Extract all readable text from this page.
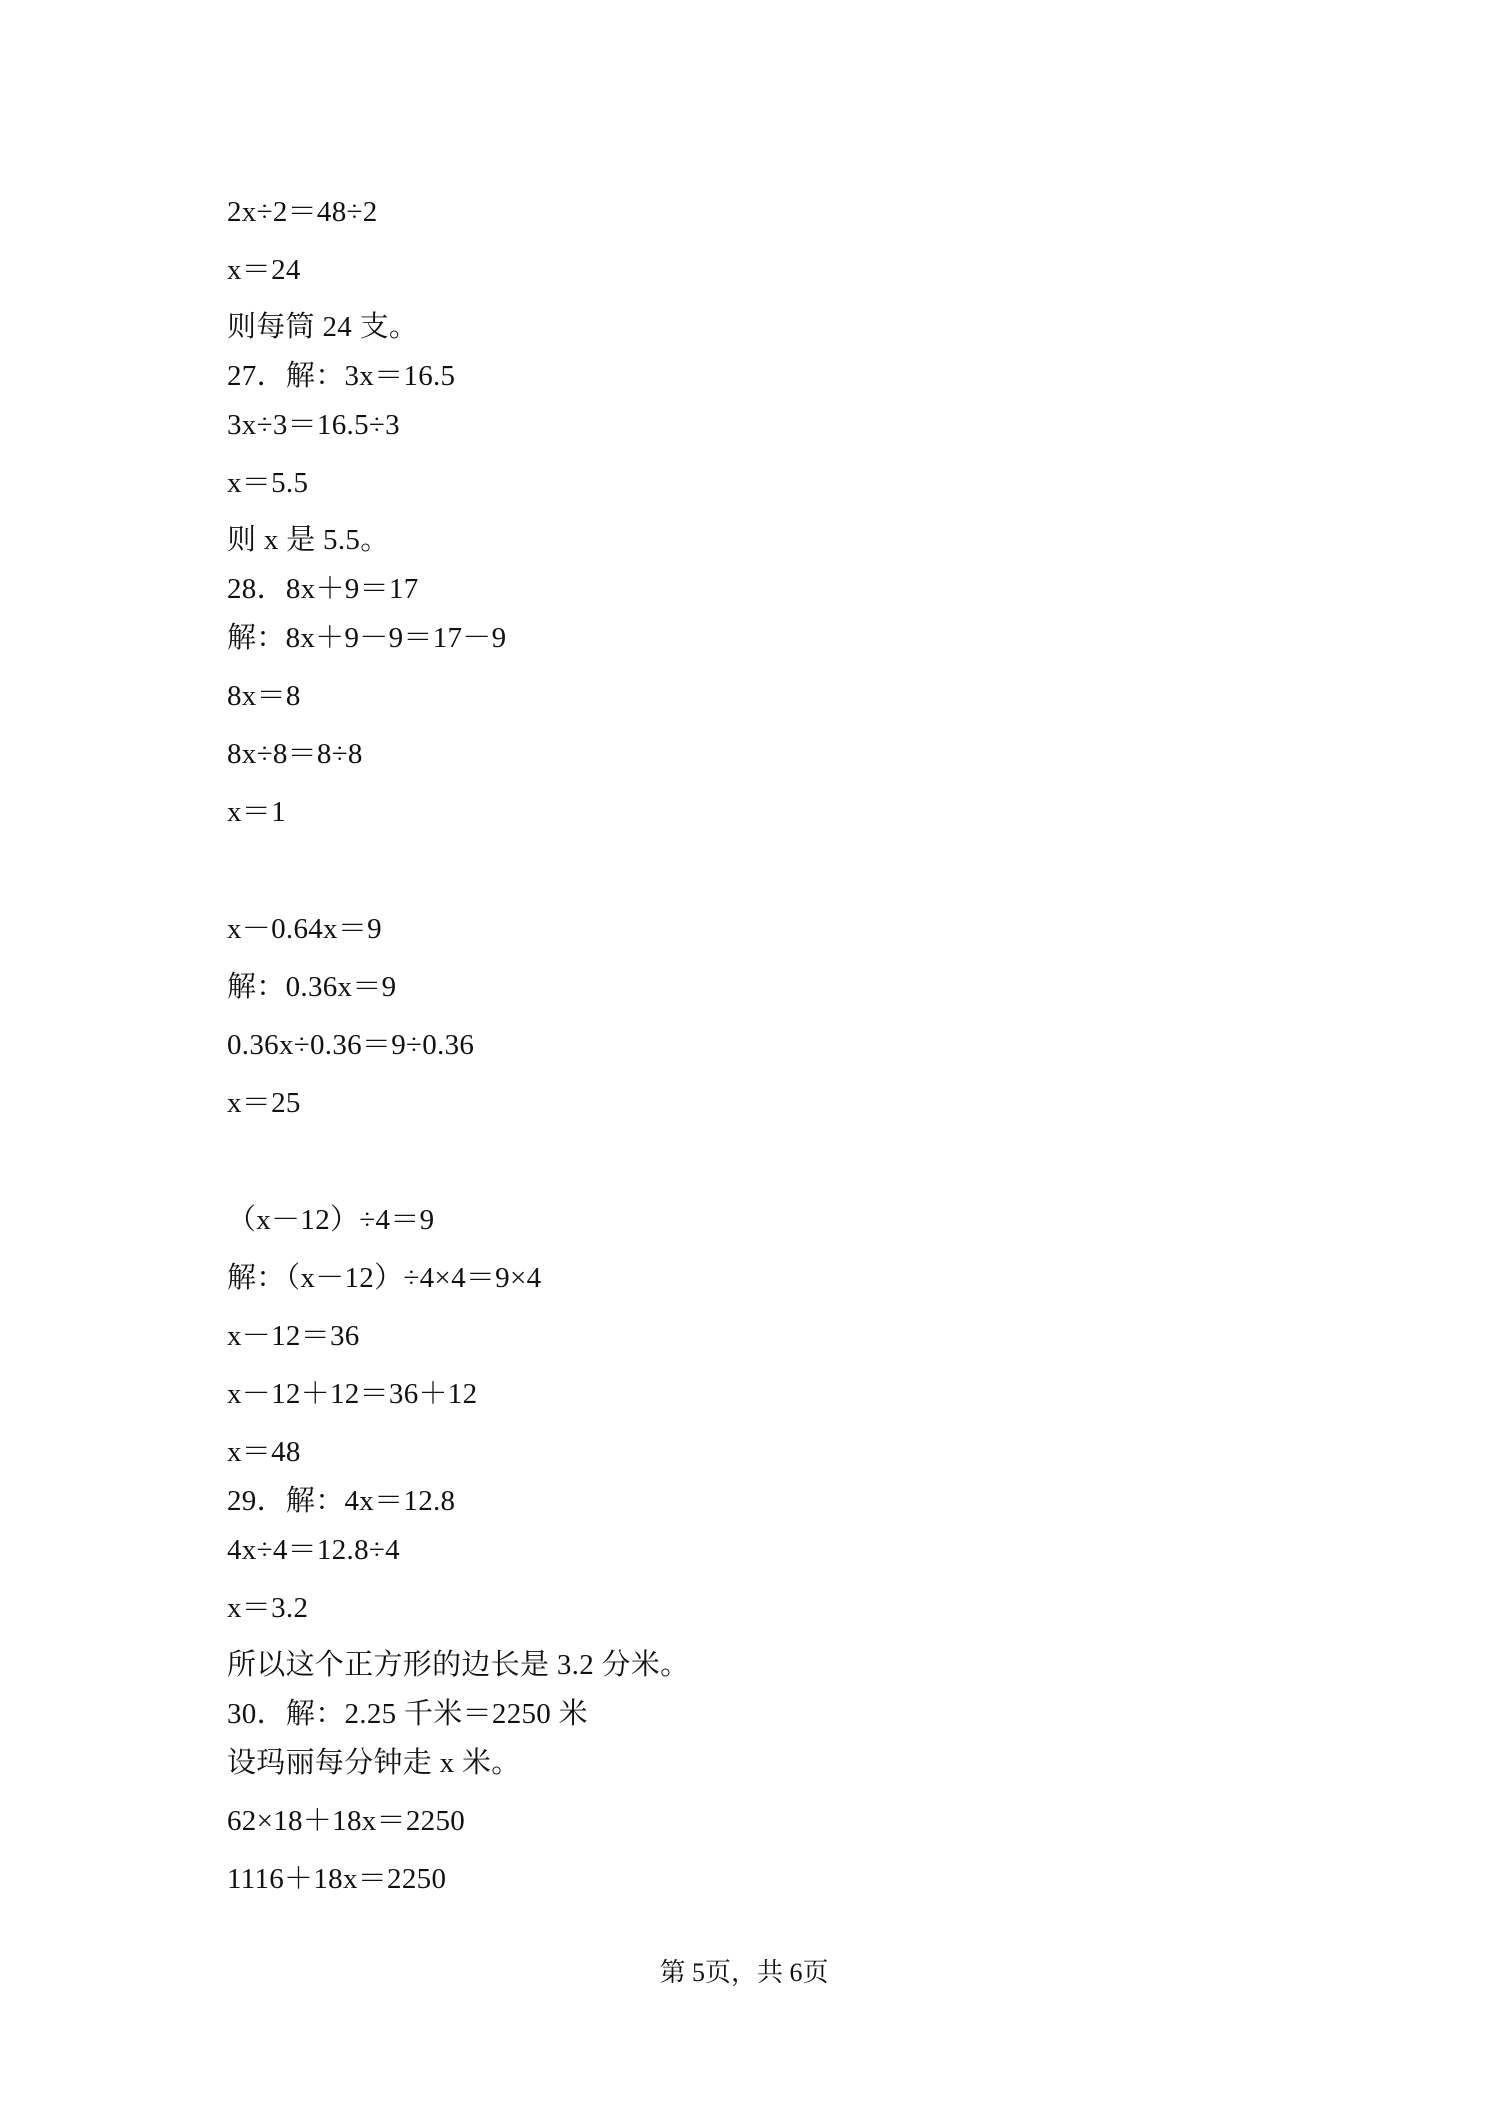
2x÷2＝48÷2
x＝24
则每筒 24 支。
27．解：3x＝16.5
3x÷3＝16.5÷3
x＝5.5
则 x 是 5.5。
28．8x＋9＝17
解：8x＋9－9＝17－9
8x＝8
8x÷8＝8÷8
x＝1
x－0.64x＝9
解：0.36x＝9
0.36x÷0.36＝9÷0.36
x＝25
（x－12）÷4＝9
解：（x－12）÷4×4＝9×4
x－12＝36
x－12＋12＝36＋12
x＝48
29．解：4x＝12.8
4x÷4＝12.8÷4
x＝3.2
所以这个正方形的边长是 3.2 分米。
30．解：2.25 千米＝2250 米
设玛丽每分钟走 x 米。
62×18＋18x＝2250
1116＋18x＝2250
第 5页，共 6页
